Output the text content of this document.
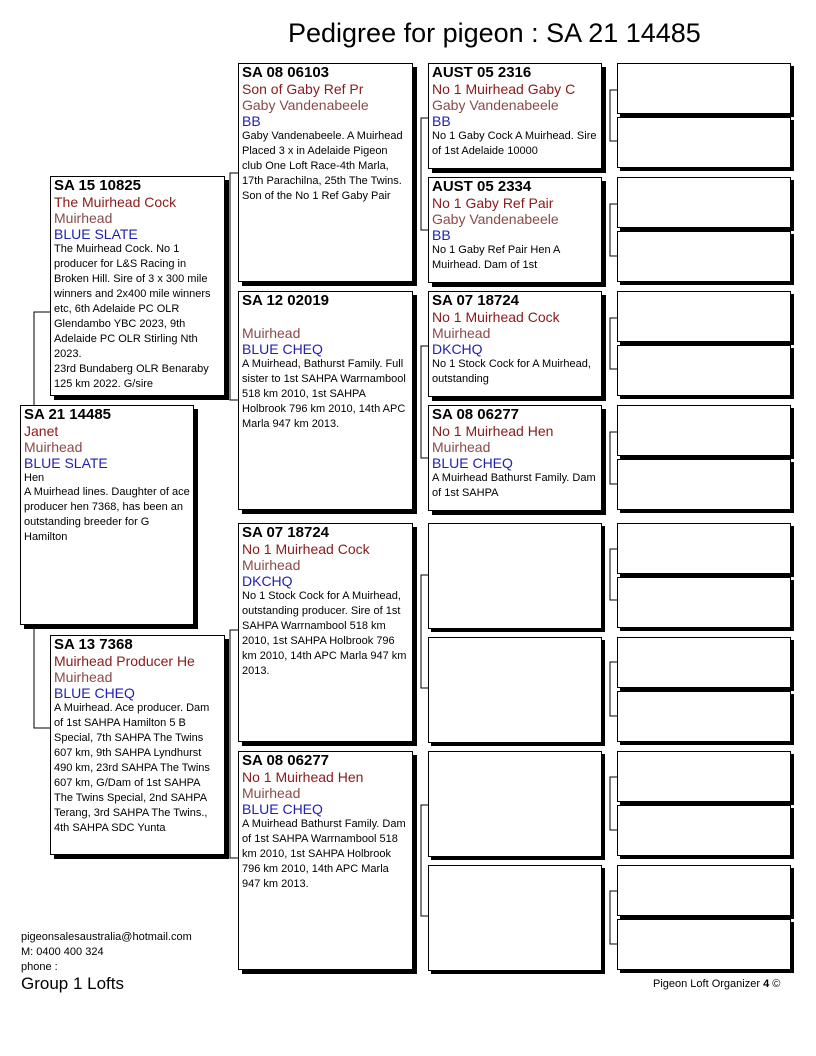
Pedigree for pigeon : SA 21 14485
SA 21 14485
Janet
Muirhead
BLUE SLATE
Hen
A Muirhead lines. Daughter of ace producer hen 7368, has been an outstanding breeder for G Hamilton
SA 15 10825
The Muirhead Cock
Muirhead
BLUE SLATE
The Muirhead Cock. No 1 producer for L&S Racing in Broken Hill. Sire of 3 x 300 mile winners and 2x400 mile winners etc, 6th Adelaide PC OLR Glendambo YBC 2023, 9th Adelaide PC OLR Stirling Nth 2023.
23rd Bundaberg OLR Benaraby 125 km 2022. G/sire
SA 13 7368
Muirhead Producer He
Muirhead
BLUE CHEQ
A Muirhead. Ace producer. Dam of 1st SAHPA Hamilton 5 B Special, 7th SAHPA The Twins 607 km, 9th SAHPA Lyndhurst 490 km, 23rd SAHPA The Twins 607 km, G/Dam of 1st SAHPA The Twins Special, 2nd SAHPA Terang, 3rd SAHPA The Twins., 4th SAHPA SDC Yunta
SA 08 06103
Son of Gaby Ref Pr
Gaby Vandenabeele
BB
Gaby Vandenabeele. A Muirhead Placed 3 x in Adelaide Pigeon club One Loft Race-4th Marla, 17th Parachilna, 25th The Twins. Son of the No 1 Ref Gaby Pair
SA 12 02019
Muirhead
BLUE CHEQ
A Muirhead, Bathurst Family. Full sister to 1st SAHPA Warrnambool 518 km 2010, 1st SAHPA Holbrook 796 km 2010, 14th APC Marla 947 km 2013.
SA 07 18724
No 1 Muirhead Cock
Muirhead
DKCHQ
No 1 Stock Cock for A Muirhead, outstanding producer. Sire of 1st SAHPA Warrnambool 518 km 2010, 1st SAHPA Holbrook 796 km 2010, 14th APC Marla 947 km 2013.
SA 08 06277
No 1 Muirhead Hen
Muirhead
BLUE CHEQ
A Muirhead Bathurst Family. Dam of 1st SAHPA Warrnambool 518 km 2010, 1st SAHPA Holbrook 796 km 2010, 14th APC Marla 947 km 2013.
AUST 05 2316
No 1 Muirhead Gaby C
Gaby Vandenabeele
BB
No 1 Gaby Cock A Muirhead. Sire of 1st Adelaide 10000
AUST 05 2334
No 1 Gaby Ref Pair
Gaby Vandenabeele
BB
No 1 Gaby Ref Pair Hen A Muirhead. Dam of 1st
SA 07 18724
No 1 Muirhead Cock
Muirhead
DKCHQ
No 1 Stock Cock for A Muirhead, outstanding
SA 08 06277
No 1 Muirhead Hen
Muirhead
BLUE CHEQ
A Muirhead Bathurst Family. Dam of 1st SAHPA
pigeonsalesaustralia@hotmail.com
M: 0400 400 324
phone :
Group 1 Lofts	Pigeon Loft Organizer 4 ©
